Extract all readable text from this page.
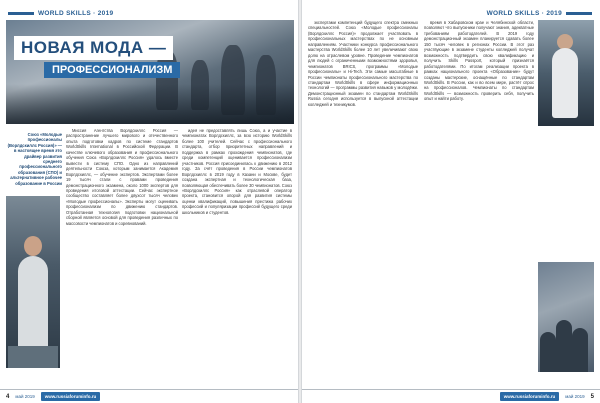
WORLD SKILLS · 2019
НОВАЯ МОДА —
ПРОФЕССИОНАЛИЗМ
Союз «Молодые профессионалы (Ворлдскиллс Россия)» — в настоящее время это драйвер развития среднего профессионального образования (СПО) и альтернативное рабочее образование в России

Миссия Агентства Ворлдскиллс Россия — распространение лучшего мирового и отечественного опыта подготовки кадров по системе стандартов WorldSkills International в Российской Федерации. В качестве ключевого образования и профессионального обучения Союз «Ворлдскиллс Россия» удалось вместе вывести в систему СПО. Одно из направлений деятельности Союза, которым занимается Академия Ворлдскиллс, — обучение экспертов. Экспертами более 19 тысяч стали с правами проведения демонстрационного экзамена, около 1000 экспертов для проведения итоговой аттестации. Сейчас экспертное сообщество составляет более двухсот тысяч человек «Молодые профессионалы». Эксперты могут оценивать профессионализм по движению стандартов. Отработанная технология подготовки национальной сборной является основой для проведения различных по массовости чемпионатов и соревнований.

идея не предоставлять лишь Союз, а и участие в чемпионатах Ворлдскиллс, за всю историю WorldSkills более 100 учителей. Сейчас с профессионального стандарта, отбор приоритетных направлений и поддержка в рамках прохождения чемпионатов, где среди компетенций оценивается профессионализм участников. Россия присоединилась к движению в 2012 году. За счёт проведения в России чемпионатов Ворлдскиллс в 2019 году в Казани и Москве, будет создана экспертная и технологическая база, позволяющая обеспечивать более 30 чемпионатов. Союз «Ворлдскиллс Россия» как отраслевой оператор проекта, становится опорой для развития системы оценки квалификаций, повышения престижа рабочих профессий и популяризации профессий будущего среди школьников и студентов.

4 май 2019	www.russiaforuminfo.ru
WORLD SKILLS · 2019

экспертами компетенций будущего спектра смежных специальностей. Союз «Молодые профессионалы (Ворлдскиллс Россия)» продолжает участвовать в профессиональных мастерствах по не основным направлениям. Участники конкурса профессионального мастерства WorldSkills более 10 лет увеличивают свою долю на отраслевом уровне. Проведение чемпионатов для людей с ограниченными возможностями здоровья, чемпионатов BRICS, программы «Молодые профессионалы» и Hi-Tech. Эти самые масштабные в России чемпионаты профессионального мастерства по стандартам WorldSkills в сфере информационных технологий — программы развития навыков у молодёжи. Демонстрационный экзамен по стандартам WorldSkills Russia сегодня используется в выпускной аттестации колледжей и техникумов.

время в Хабаровском крае и Челябинской области, позволяют что выпускники получают знания, адекватные требованиям работодателей. В 2019 году демонстрационный экзамен планируется сдавать более 150 тысяч человек в регионах России. В этот раз участвующие в экзамене студенты колледжей получат возможность подтвердить свою квалификацию и получить Skills Passport, который признаётся работодателями. По итогам реализации проекта в рамках национального проекта «Образование» будут созданы мастерские, оснащённые по стандартам WorldSkills. В России, как и во всем мире, растёт спрос на профессионалов. Чемпионаты по стандартам WorldSkills — возможность проверить себя, получить опыт и найти работу.

www.russiaforuminfo.ru	май 2019 5
